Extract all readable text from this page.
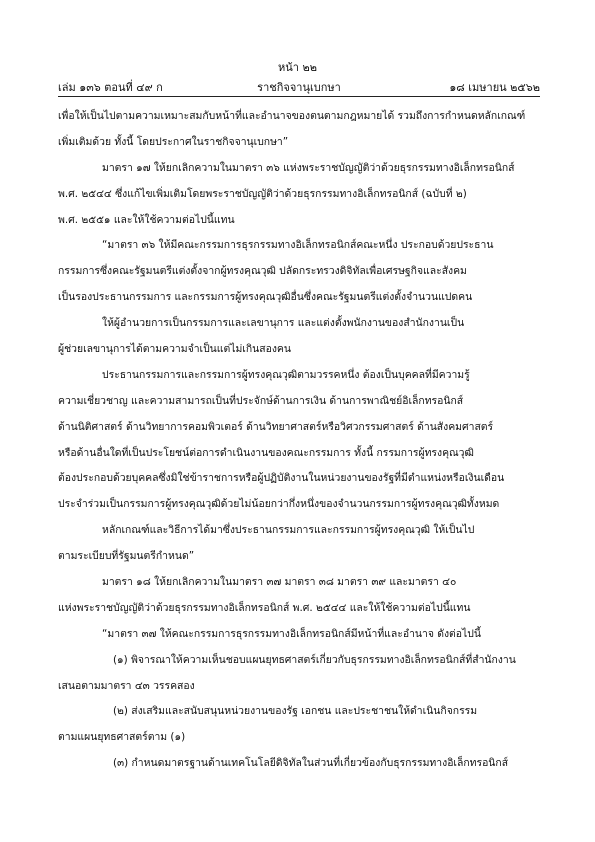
หน้า ๒๒
เล่ม ๑๓๖ ตอนที่ ๔๙ ก	ราชกิจจานุเบกษา	๑๘ เมษายน ๒๕๖๒
เพื่อให้เป็นไปตามความเหมาะสมกับหน้าที่และอำนาจของตนตามกฎหมายได้ รวมถึงการกำหนดหลักเกณฑ์
เพิ่มเติมด้วย ทั้งนี้ โดยประกาศในราชกิจจานุเบกษา”
มาตรา ๑๗ ให้ยกเลิกความในมาตรา ๓๖ แห่งพระราชบัญญัติว่าด้วยธุรกรรมทางอิเล็กทรอนิกส์
พ.ศ. ๒๕๔๔ ซึ่งแก้ไขเพิ่มเติมโดยพระราชบัญญัติว่าด้วยธุรกรรมทางอิเล็กทรอนิกส์ (ฉบับที่ ๒)
พ.ศ. ๒๕๕๑ และให้ใช้ความต่อไปนี้แทน
“มาตรา ๓๖ ให้มีคณะกรรมการธุรกรรมทางอิเล็กทรอนิกส์คณะหนึ่ง ประกอบด้วยประธาน
กรรมการซึ่งคณะรัฐมนตรีแต่งตั้งจากผู้ทรงคุณวุฒิ ปลัดกระทรวงดิจิทัลเพื่อเศรษฐกิจและสังคม
เป็นรองประธานกรรมการ และกรรมการผู้ทรงคุณวุฒิอื่นซึ่งคณะรัฐมนตรีแต่งตั้งจำนวนแปดคน
ให้ผู้อำนวยการเป็นกรรมการและเลขานุการ และแต่งตั้งพนักงานของสำนักงานเป็น
ผู้ช่วยเลขานุการได้ตามความจำเป็นแต่ไม่เกินสองคน
ประธานกรรมการและกรรมการผู้ทรงคุณวุฒิตามวรรคหนึ่ง ต้องเป็นบุคคลที่มีความรู้
ความเชี่ยวชาญ และความสามารถเป็นที่ประจักษ์ด้านการเงิน ด้านการพาณิชย์อิเล็กทรอนิกส์
ด้านนิติศาสตร์ ด้านวิทยาการคอมพิวเตอร์ ด้านวิทยาศาสตร์หรือวิศวกรรมศาสตร์ ด้านสังคมศาสตร์
หรือด้านอื่นใดที่เป็นประโยชน์ต่อการดำเนินงานของคณะกรรมการ ทั้งนี้ กรรมการผู้ทรงคุณวุฒิ
ต้องประกอบด้วยบุคคลซึ่งมิใช่ข้าราชการหรือผู้ปฏิบัติงานในหน่วยงานของรัฐที่มีตำแหน่งหรือเงินเดือน
ประจำร่วมเป็นกรรมการผู้ทรงคุณวุฒิด้วยไม่น้อยกว่ากึ่งหนึ่งของจำนวนกรรมการผู้ทรงคุณวุฒิทั้งหมด
หลักเกณฑ์และวิธีการได้มาซึ่งประธานกรรมการและกรรมการผู้ทรงคุณวุฒิ ให้เป็นไป
ตามระเบียบที่รัฐมนตรีกำหนด”
มาตรา ๑๘ ให้ยกเลิกความในมาตรา ๓๗ มาตรา ๓๘ มาตรา ๓๙ และมาตรา ๔๐
แห่งพระราชบัญญัติว่าด้วยธุรกรรมทางอิเล็กทรอนิกส์ พ.ศ. ๒๕๔๔ และให้ใช้ความต่อไปนี้แทน
“มาตรา ๓๗ ให้คณะกรรมการธุรกรรมทางอิเล็กทรอนิกส์มีหน้าที่และอำนาจ ดังต่อไปนี้
(๑) พิจารณาให้ความเห็นชอบแผนยุทธศาสตร์เกี่ยวกับธุรกรรมทางอิเล็กทรอนิกส์ที่สำนักงาน
เสนอตามมาตรา ๔๓ วรรคสอง
(๒) ส่งเสริมและสนับสนุนหน่วยงานของรัฐ เอกชน และประชาชนให้ดำเนินกิจกรรม
ตามแผนยุทธศาสตร์ตาม (๑)
(๓) กำหนดมาตรฐานด้านเทคโนโลยีดิจิทัลในส่วนที่เกี่ยวข้องกับธุรกรรมทางอิเล็กทรอนิกส์
